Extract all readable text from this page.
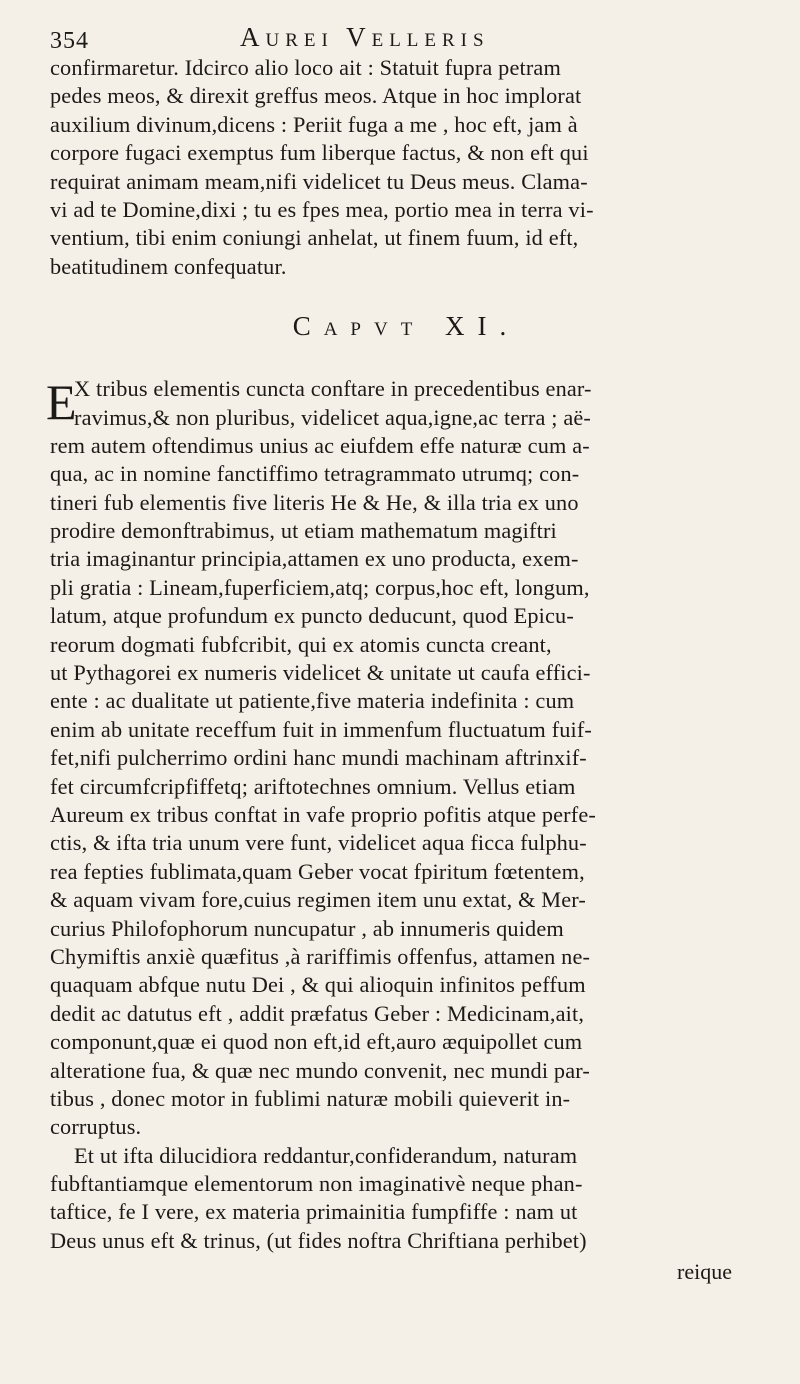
354	Aurei Velleris
confirmaretur. Idcirco alio loco ait : Statuit fupra petram
pedes meos, & direxit greffus meos. Atque in hoc implorat
auxilium divinum,dicens : Periit fuga a me , hoc eft, jam à
corpore fugaci exemptus fum liberque factus, & non eft qui
requirat animam meam,nifi videlicet tu Deus meus. Clama-
vi ad te Domine,dixi ; tu es fpes mea, portio mea in terra vi-
ventium, tibi enim coniungi anhelat, ut finem fuum, id eft,
beatitudinem confequatur.
Capvt XI.
E
X tribus elementis cuncta conftare in precedentibus enar-
ravimus,& non pluribus, videlicet aqua,igne,ac terra ; aë-
rem autem oftendimus unius ac eiufdem effe naturæ cum a-
qua, ac in nomine fanctiffimo tetragrammato utrumq; con-
tineri fub elementis five literis He & He, & illa tria ex uno
prodire demonftrabimus, ut etiam mathematum magiftri
tria imaginantur principia,attamen ex uno producta, exem-
pli gratia : Lineam,fuperficiem,atq; corpus,hoc eft, longum,
latum, atque profundum ex puncto deducunt, quod Epicu-
reorum dogmati fubfcribit, qui ex atomis cuncta creant,
ut Pythagorei ex numeris videlicet & unitate ut caufa effici-
ente : ac dualitate ut patiente,five materia indefinita : cum
enim ab unitate receffum fuit in immenfum fluctuatum fuif-
fet,nifi pulcherrimo ordini hanc mundi machinam aftrinxif-
fet circumfcripfiffetq; ariftotechnes omnium. Vellus etiam
Aureum ex tribus conftat in vafe proprio pofitis atque perfe-
ctis, & ifta tria unum vere funt, videlicet aqua ficca fulphu-
rea fepties fublimata,quam Geber vocat fpiritum fœtentem,
& aquam vivam fore,cuius regimen item unu extat, & Mer-
curius Philofophorum nuncupatur , ab innumeris quidem
Chymiftis anxiè quæfitus ,à rariffimis offenfus, attamen ne-
quaquam abfque nutu Dei , & qui alioquin infinitos peffum
dedit ac datutus eft , addit præfatus Geber : Medicinam,ait,
componunt,quæ ei quod non eft,id eft,auro æquipollet cum
alteratione fua, & quæ nec mundo convenit, nec mundi par-
tibus , donec motor in fublimi naturæ mobili quieverit in-
corruptus.
Et ut ifta dilucidiora reddantur,confiderandum, naturam
fubftantiamque elementorum non imaginativè neque phan-
taftice, fe I vere, ex materia primainitia fumpfiffe : nam ut
Deus unus eft & trinus, (ut fides noftra Chriftiana perhibet)
reique
